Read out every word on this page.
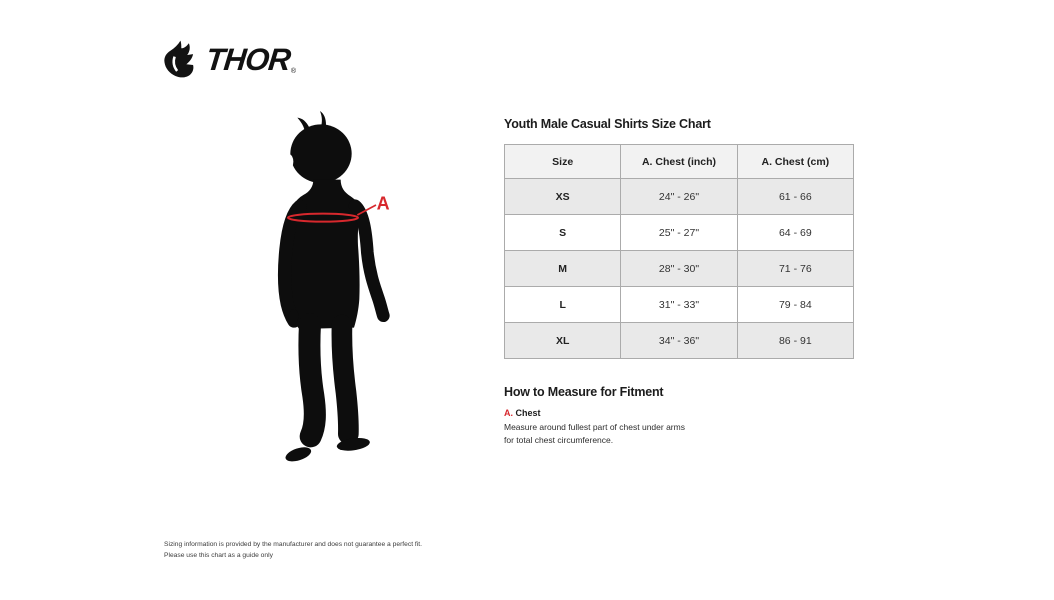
THOR ®
A
Youth Male Casual Shirts Size Chart
Size	A. Chest (inch)	A. Chest (cm)
XS	24" - 26"	61 - 66
S	25" - 27"	64 - 69
M	28" - 30"	71 - 76
L	31" - 33"	79 - 84
XL	34" - 36"	86 - 91
How to Measure for Fitment
A. Chest
Measure around fullest part of chest under arms for total chest circumference.
Sizing information is provided by the manufacturer and does not guarantee a perfect fit.
Please use this chart as a guide only
